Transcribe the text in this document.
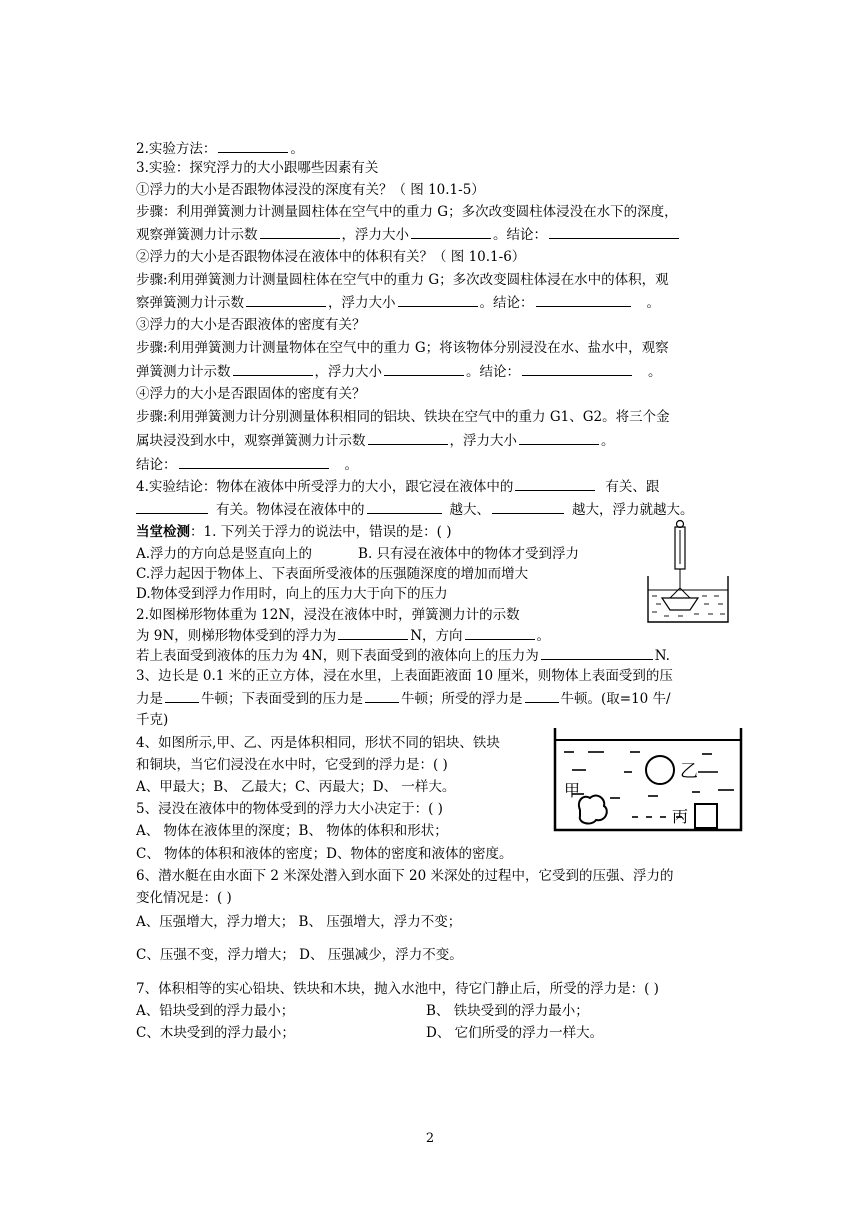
2.实验方法：	。
3.实验：探究浮力的大小跟哪些因素有关
①浮力的大小是否跟物体浸没的深度有关？（ 图 10.1-5）
步骤：利用弹簧测力计测量圆柱体在空气中的重力 G；多次改变圆柱体浸没在水下的深度，
观察弹簧测力计示数	，浮力大小	。结论：
②浮力的大小是否跟物体浸在液体中的体积有关？（ 图 10.1-6）
步骤:利用弹簧测力计测量圆柱体在空气中的重力 G；多次改变圆柱体浸在水中的体积，观
察弹簧测力计示数	，浮力大小	。结论：	。
③浮力的大小是否跟液体的密度有关？
步骤:利用弹簧测力计测量物体在空气中的重力 G；将该物体分别浸没在水、盐水中，观察
弹簧测力计示数	，浮力大小	。结论：	。
④浮力的大小是否跟固体的密度有关？
步骤:利用弹簧测力计分别测量体积相同的铝块、铁块在空气中的重力 G1、G2。将三个金
属块浸没到水中，观察弹簧测力计示数	，浮力大小	。
结论：	。
4.实验结论：物体在液体中所受浮力的大小，跟它浸在液体中的	有关、跟
有关。物体浸在液体中的	越大、	越大，浮力就越大。
当堂检测：1. 下列关于浮力的说法中，错误的是：( )
A.浮力的方向总是竖直向上的	B. 只有浸在液体中的物体才受到浮力
C.浮力起因于物体上、下表面所受液体的压强随深度的增加而增大
D.物体受到浮力作用时，向上的压力大于向下的压力
2.如图梯形物体重为 12N，浸没在液体中时，弹簧测力计的示数
为 9N，则梯形物体受到的浮力为	N，方向	。
若上表面受到液体的压力为 4N，则下表面受到的液体向上的压力为	N.
3、边长是 0.1 米的正立方体，浸在水里，上表面距液面 10 厘米，则物体上表面受到的压
力是	牛顿；下表面受到的压力是	牛顿；所受的浮力是	牛顿。(取=10 牛/
千克)
4、如图所示,甲、乙、丙是体积相同，形状不同的铝块、铁块
和铜块，当它们浸没在水中时，它受到的浮力是：( )
A、甲最大；B、 乙最大；C、丙最大；D、 一样大。
5、浸没在液体中的物体受到的浮力大小决定于：( )
A、 物体在液体里的深度；B、 物体的体积和形状；
C、 物体的体积和液体的密度；D、物体的密度和液体的密度。
6、潜水艇在由水面下 2 米深处潜入到水面下 20 米深处的过程中，它受到的压强、浮力的
变化情况是：( )
A、压强增大，浮力增大； B、 压强增大，浮力不变；
C、压强不变，浮力增大； D、 压强减少，浮力不变。
7、体积相等的实心铅块、铁块和木块，抛入水池中，待它门静止后，所受的浮力是：( )
A、铅块受到的浮力最小；	B、 铁块受到的浮力最小；
C、木块受到的浮力最小；	D、 它们所受的浮力一样大。
乙
甲
丙
2
